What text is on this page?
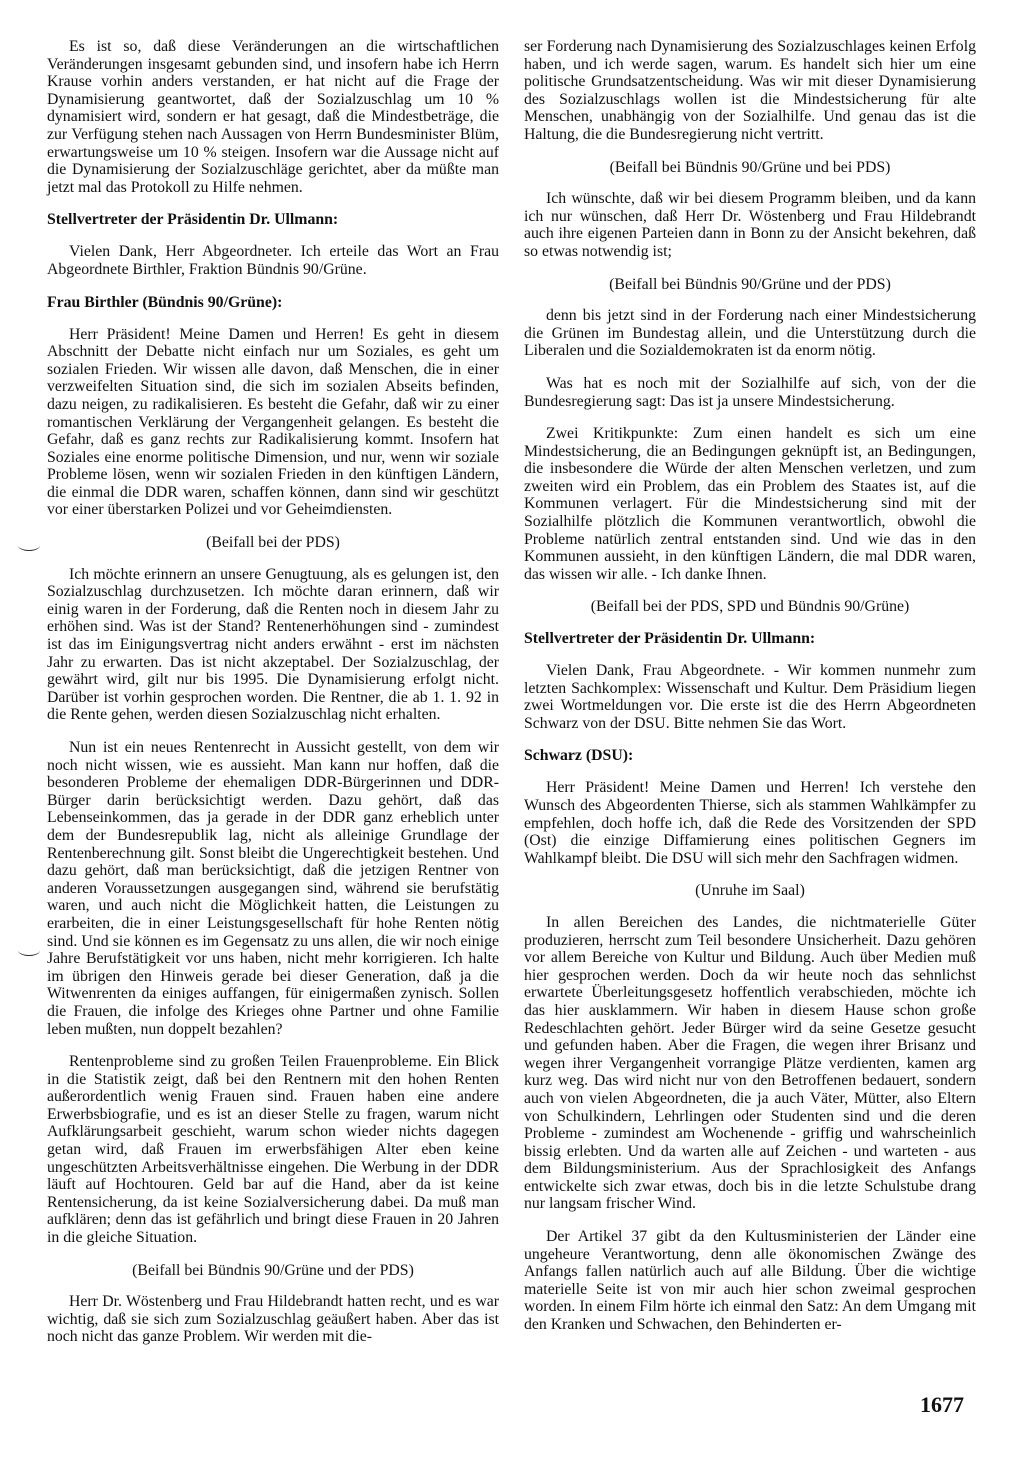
Es ist so, daß diese Veränderungen an die wirtschaftlichen Veränderungen insgesamt gebunden sind, und insofern habe ich Herrn Krause vorhin anders verstanden, er hat nicht auf die Frage der Dynamisierung geantwortet, daß der Sozialzuschlag um 10 % dynamisiert wird, sondern er hat gesagt, daß die Mindestbeträge, die zur Verfügung stehen nach Aussagen von Herrn Bundesminister Blüm, erwartungsweise um 10 % steigen. Insofern war die Aussage nicht auf die Dynamisierung der Sozialzuschläge gerichtet, aber da müßte man jetzt mal das Protokoll zu Hilfe nehmen.

Stellvertreter der Präsidentin Dr. Ullmann:

Vielen Dank, Herr Abgeordneter. Ich erteile das Wort an Frau Abgeordnete Birthler, Fraktion Bündnis 90/Grüne.

Frau Birthler (Bündnis 90/Grüne):

Herr Präsident! Meine Damen und Herren! Es geht in diesem Abschnitt der Debatte nicht einfach nur um Soziales, es geht um sozialen Frieden. Wir wissen alle davon, daß Menschen, die in einer verzweifelten Situation sind, die sich im sozialen Abseits befinden, dazu neigen, zu radikalisieren. Es besteht die Gefahr, daß wir zu einer romantischen Verklärung der Vergangenheit gelangen. Es besteht die Gefahr, daß es ganz rechts zur Radikalisierung kommt. Insofern hat Soziales eine enorme politische Dimension, und nur, wenn wir soziale Probleme lösen, wenn wir sozialen Frieden in den künftigen Ländern, die einmal die DDR waren, schaffen können, dann sind wir geschützt vor einer überstarken Polizei und vor Geheimdiensten.

(Beifall bei der PDS)

Ich möchte erinnern an unsere Genugtuung, als es gelungen ist, den Sozialzuschlag durchzusetzen. Ich möchte daran erinnern, daß wir einig waren in der Forderung, daß die Renten noch in diesem Jahr zu erhöhen sind. Was ist der Stand? Rentenerhöhungen sind - zumindest ist das im Einigungsvertrag nicht anders erwähnt - erst im nächsten Jahr zu erwarten. Das ist nicht akzeptabel. Der Sozialzuschlag, der gewährt wird, gilt nur bis 1995. Die Dynamisierung erfolgt nicht. Darüber ist vorhin gesprochen worden. Die Rentner, die ab 1. 1. 92 in die Rente gehen, werden diesen Sozialzuschlag nicht erhalten.

Nun ist ein neues Rentenrecht in Aussicht gestellt, von dem wir noch nicht wissen, wie es aussieht. Man kann nur hoffen, daß die besonderen Probleme der ehemaligen DDR-Bürgerinnen und DDR-Bürger darin berücksichtigt werden. Dazu gehört, daß das Lebenseinkommen, das ja gerade in der DDR ganz erheblich unter dem der Bundesrepublik lag, nicht als alleinige Grundlage der Rentenberechnung gilt. Sonst bleibt die Ungerechtigkeit bestehen. Und dazu gehört, daß man berücksichtigt, daß die jetzigen Rentner von anderen Voraussetzungen ausgegangen sind, während sie berufstätig waren, und auch nicht die Möglichkeit hatten, die Leistungen zu erarbeiten, die in einer Leistungsgesellschaft für hohe Renten nötig sind. Und sie können es im Gegensatz zu uns allen, die wir noch einige Jahre Berufstätigkeit vor uns haben, nicht mehr korrigieren. Ich halte im übrigen den Hinweis gerade bei dieser Generation, daß ja die Witwenrenten da einiges auffangen, für einigermaßen zynisch. Sollen die Frauen, die infolge des Krieges ohne Partner und ohne Familie leben mußten, nun doppelt bezahlen?

Rentenprobleme sind zu großen Teilen Frauenprobleme. Ein Blick in die Statistik zeigt, daß bei den Rentnern mit den hohen Renten außerordentlich wenig Frauen sind. Frauen haben eine andere Erwerbsbiografie, und es ist an dieser Stelle zu fragen, warum nicht Aufklärungsarbeit geschieht, warum schon wieder nichts dagegen getan wird, daß Frauen im erwerbsfähigen Alter eben keine ungeschützten Arbeitsverhältnisse eingehen. Die Werbung in der DDR läuft auf Hochtouren. Geld bar auf die Hand, aber da ist keine Rentensicherung, da ist keine Sozialversicherung dabei. Da muß man aufklären; denn das ist gefährlich und bringt diese Frauen in 20 Jahren in die gleiche Situation.

(Beifall bei Bündnis 90/Grüne und der PDS)

Herr Dr. Wöstenberg und Frau Hildebrandt hatten recht, und es war wichtig, daß sie sich zum Sozialzuschlag geäußert haben. Aber das ist noch nicht das ganze Problem. Wir werden mit die-

ser Forderung nach Dynamisierung des Sozialzuschlages keinen Erfolg haben, und ich werde sagen, warum. Es handelt sich hier um eine politische Grundsatzentscheidung. Was wir mit dieser Dynamisierung des Sozialzuschlags wollen ist die Mindestsicherung für alte Menschen, unabhängig von der Sozialhilfe. Und genau das ist die Haltung, die die Bundesregierung nicht vertritt.

(Beifall bei Bündnis 90/Grüne und bei PDS)

Ich wünschte, daß wir bei diesem Programm bleiben, und da kann ich nur wünschen, daß Herr Dr. Wöstenberg und Frau Hildebrandt auch ihre eigenen Parteien dann in Bonn zu der Ansicht bekehren, daß so etwas notwendig ist;

(Beifall bei Bündnis 90/Grüne und der PDS)

denn bis jetzt sind in der Forderung nach einer Mindestsicherung die Grünen im Bundestag allein, und die Unterstützung durch die Liberalen und die Sozialdemokraten ist da enorm nötig.

Was hat es noch mit der Sozialhilfe auf sich, von der die Bundesregierung sagt: Das ist ja unsere Mindestsicherung.

Zwei Kritikpunkte: Zum einen handelt es sich um eine Mindestsicherung, die an Bedingungen geknüpft ist, an Bedingungen, die insbesondere die Würde der alten Menschen verletzen, und zum zweiten wird ein Problem, das ein Problem des Staates ist, auf die Kommunen verlagert. Für die Mindestsicherung sind mit der Sozialhilfe plötzlich die Kommunen verantwortlich, obwohl die Probleme natürlich zentral entstanden sind. Und wie das in den Kommunen aussieht, in den künftigen Ländern, die mal DDR waren, das wissen wir alle. - Ich danke Ihnen.

(Beifall bei der PDS, SPD und Bündnis 90/Grüne)

Stellvertreter der Präsidentin Dr. Ullmann:

Vielen Dank, Frau Abgeordnete. - Wir kommen nunmehr zum letzten Sachkomplex: Wissenschaft und Kultur. Dem Präsidium liegen zwei Wortmeldungen vor. Die erste ist die des Herrn Abgeordneten Schwarz von der DSU. Bitte nehmen Sie das Wort.

Schwarz (DSU):

Herr Präsident! Meine Damen und Herren! Ich verstehe den Wunsch des Abgeordenten Thierse, sich als stammen Wahlkämpfer zu empfehlen, doch hoffe ich, daß die Rede des Vorsitzenden der SPD (Ost) die einzige Diffamierung eines politischen Gegners im Wahlkampf bleibt. Die DSU will sich mehr den Sachfragen widmen.

(Unruhe im Saal)

In allen Bereichen des Landes, die nichtmaterielle Güter produzieren, herrscht zum Teil besondere Unsicherheit. Dazu gehören vor allem Bereiche von Kultur und Bildung. Auch über Medien muß hier gesprochen werden. Doch da wir heute noch das sehnlichst erwartete Überleitungsgesetz hoffentlich verabschieden, möchte ich das hier ausklammern. Wir haben in diesem Hause schon große Redeschlachten gehört. Jeder Bürger wird da seine Gesetze gesucht und gefunden haben. Aber die Fragen, die wegen ihrer Brisanz und wegen ihrer Vergangenheit vorrangige Plätze verdienten, kamen arg kurz weg. Das wird nicht nur von den Betroffenen bedauert, sondern auch von vielen Abgeordneten, die ja auch Väter, Mütter, also Eltern von Schulkindern, Lehrlingen oder Studenten sind und die deren Probleme - zumindest am Wochenende - griffig und wahrscheinlich bissig erlebten. Und da warten alle auf Zeichen - und warteten - aus dem Bildungsministerium. Aus der Sprachlosigkeit des Anfangs entwickelte sich zwar etwas, doch bis in die letzte Schulstube drang nur langsam frischer Wind.

Der Artikel 37 gibt da den Kultusministerien der Länder eine ungeheure Verantwortung, denn alle ökonomischen Zwänge des Anfangs fallen natürlich auch auf alle Bildung. Über die wichtige materielle Seite ist von mir auch hier schon zweimal gesprochen worden. In einem Film hörte ich einmal den Satz: An dem Umgang mit den Kranken und Schwachen, den Behinderten er-

1677
